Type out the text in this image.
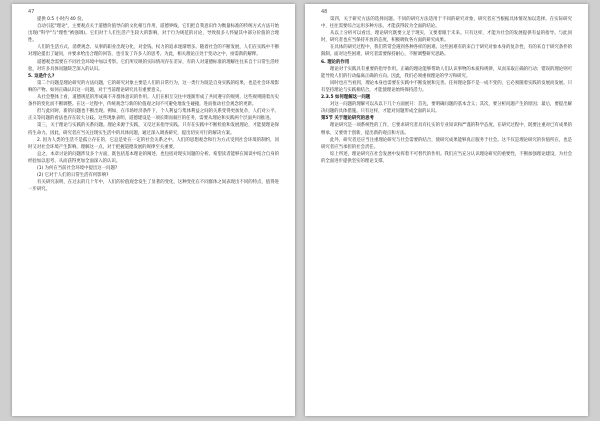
47

提供 0.5 小时内 40 份。

自动引起"理论"，主要观点关于道德价值导向的文化相互作用，道德界线，它们把自我意识作为衡量标准的传统方式方法开始出现("科学"与"理性"被强调)。它们对于人们生活产生较大的影响，对于行为规范的讨论，导致很多人怀疑其中部分价值的合理性。

人们的生活方式、消费观念、从事的职业出现分化，对金钱、权力的追求逐渐增多。随着社会的不断发展，人们在实践中不断对理论提出了疑问，并要求给出合理的回答，也引发了许多人的思考。为此，相关理论正处于变动之中，亟需新的解释。

道德观念需要在不同社会环境中加以考察。它们所反映的实际情况存在差异，有的人对道德标准的理解往往来自于日常生活经验，对许多具体问题缺乏深入的认识。

5. 这是什么?

第二个问题是理论研究的方法问题，它的研究对象主要是人们的日常行为，这一类行为既是自身实践的结果，也是社会环境影响的产物。如何正确认识这一问题，对于当前理论研究具有重要意义。

从社会整体上看，道德规范的形成离不开群体意识的作用。人们在相互交往中逐渐形成了共同遵守的规则，这些规则随着历史条件的变化而不断调整。在这一过程中，传统观念与新的价值观之间不可避免地发生碰撞，进而推动社会观念的更新。

但与此同时，新的问题也不断出现。例如，在市场经济条件下，个人利益与集体利益之间的关系变得更加复杂，人们对公平、正义等问题的看法也存在较大分歧。这些现象表明，道德建设是一项长期而艰巨的任务，需要从理论和实践两个层面共同推进。

第三，关于理论与实践的关系问题。理论来源于实践，又反过来指导实践。只有在实践中不断检验和发展理论，才能使理论保持生命力。因此，研究者应当关注现实生活中的具体问题，通过深入调查研究，提出切实可行的解决方案。

2. 因为人类的生活不是孤立存在的，它总是处在一定的社会关系之中。人们的思想观念和行为方式受到社会环境的制约，同时又对社会环境产生影响。理解这一点，对于把握道德发展的规律至关重要。

总之，本章讨论的问题涉及多个方面，既包括基本理论的阐述，也包括对现实问题的分析。希望读者能够在阅读中结合自身的经验加以思考，从而获得更加全面深入的认识。

(1) 为何在当前社会环境中提出这一问题?

(2) 它对于人们的日常生活有何影响?

有关研究表明，在过去的几十年中，人们的价值观念发生了显著的变化，这种变化在不同群体之间表现出不同的特点，值得进一步研究。

48

第四，关于研究方法的选择问题。不同的研究方法适用于不同的研究对象，研究者应当根据具体情况加以选择。在实际研究中，往往需要综合运用多种方法，才能获得较为全面的结论。

从以上分析可以看出，理论研究既要立足于现实，又要着眼于未来。只有这样，才能为社会的发展提供有益的指导。与此同时，研究者也应当保持开放的态度，积极吸收各方面的研究成果。

在具体的研究过程中，我们常常会遇到各种各样的困难。这些困难有的来自于研究对象本身的复杂性，有的来自于研究条件的限制。面对这些困难，研究者需要保持耐心，不断调整研究思路。

6. 理论的作用

理论对于实践具有重要的指导作用。正确的理论能够帮助人们认识事物的本质和规律，从而采取正确的行动；错误的理论则可能导致人们的行动偏离正确的方向。因此，我们必须重视理论的学习和研究。

同时也应当看到，理论本身也需要在实践中不断发展和完善。任何理论都不是一成不变的，它必须随着实践的发展而发展。只有坚持理论与实践相结合，才能使理论始终保持活力。

2.3.5 如何理解这一问题

对这一问题的理解可以从以下几个方面展开：首先，要明确问题的基本含义；其次，要分析问题产生的原因；最后，要提出解决问题的具体措施。只有这样，才能对问题形成全面的认识。

第5节 关于理论研究的思考

理论研究是一项系统性的工作，它要求研究者具有扎实的专业知识和严谨的科学态度。在研究过程中，既要注重对已有成果的继承，又要勇于创新，提出新的观点和方法。

此外，研究者还应当注重理论研究与社会需要的结合，使研究成果能够真正服务于社会。这不仅是理论研究的价值所在，也是研究者应当承担的社会责任。

综上所述，理论研究在社会发展中发挥着不可替代的作用。我们应当充分认识理论研究的重要性，不断加强理论建设，为社会的全面进步提供坚实的理论支撑。
